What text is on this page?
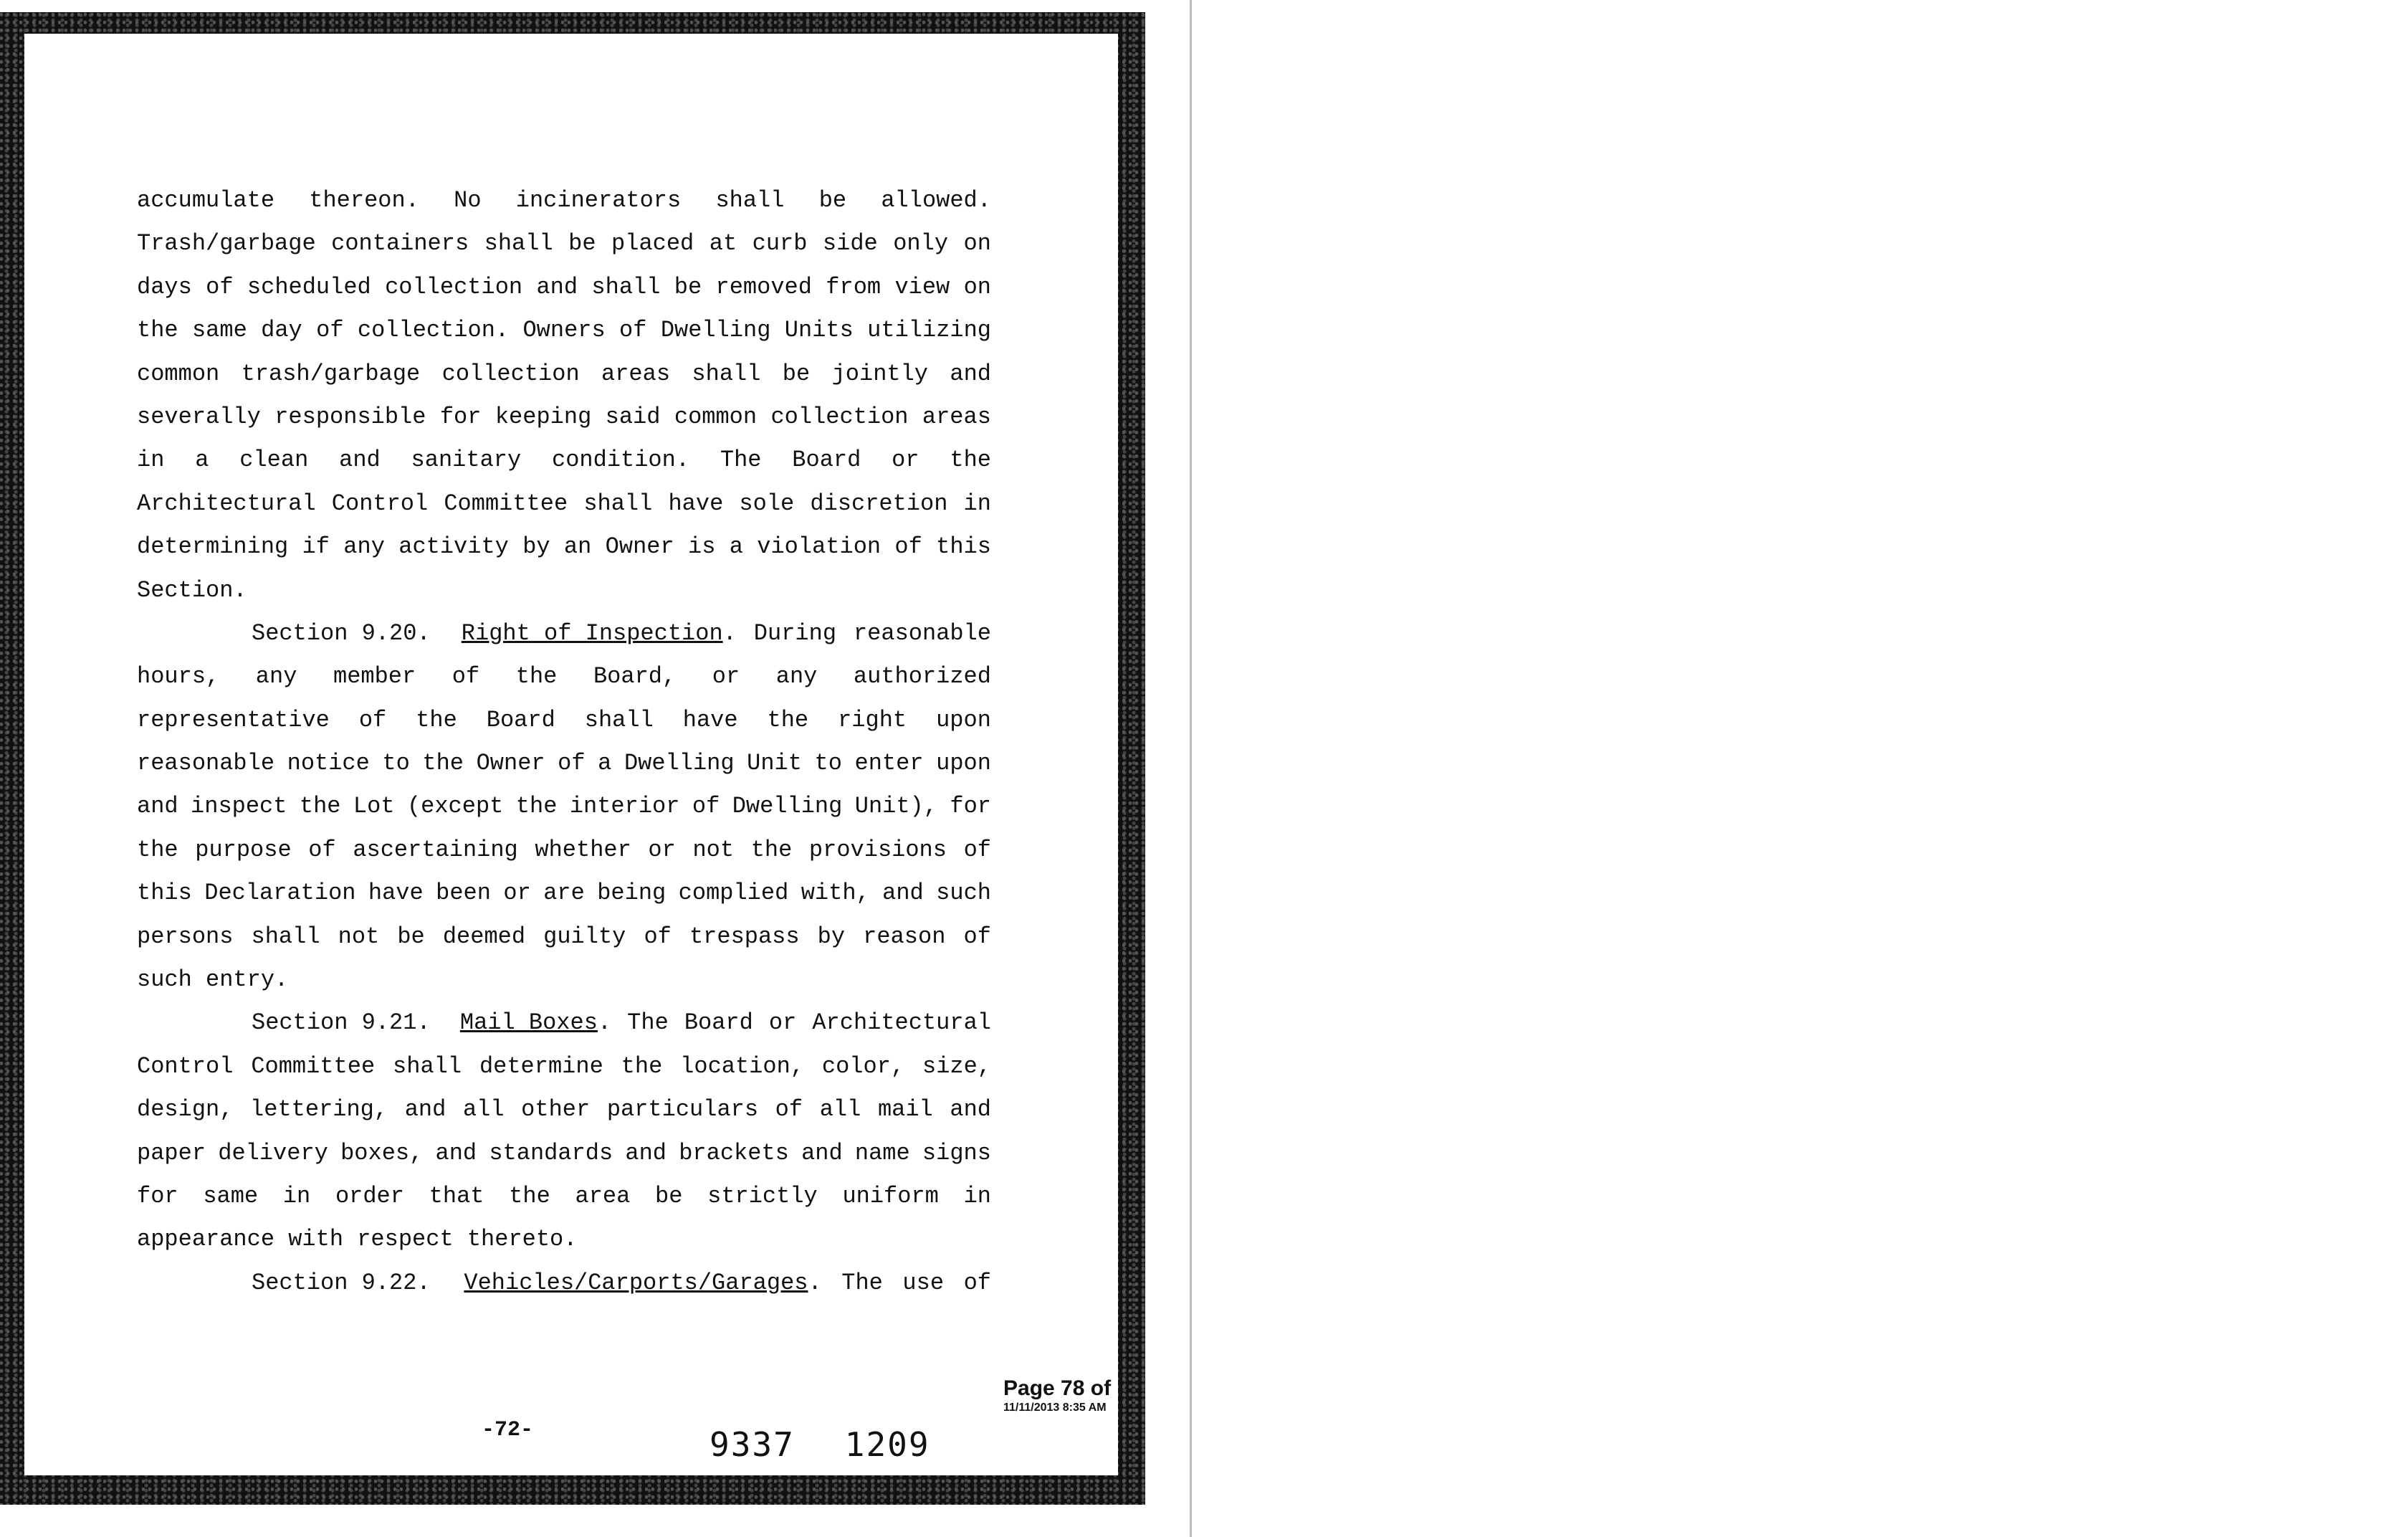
accumulate thereon. No incinerators shall be allowed.
Trash/garbage containers shall be placed at curb side only on
days of scheduled collection and shall be removed from view on
the same day of collection. Owners of Dwelling Units utilizing
common trash/garbage collection areas shall be jointly and
severally responsible for keeping said common collection areas
in a clean and sanitary condition. The Board or the
Architectural Control Committee shall have sole discretion in
determining if any activity by an Owner is a violation of this
Section.
Section 9.20. Right of Inspection. During reasonable
hours, any member of the Board, or any authorized
representative of the Board shall have the right upon
reasonable notice to the Owner of a Dwelling Unit to enter upon
and inspect the Lot (except the interior of Dwelling Unit), for
the purpose of ascertaining whether or not the provisions of
this Declaration have been or are being complied with, and such
persons shall not be deemed guilty of trespass by reason of
such entry.
Section 9.21. Mail Boxes. The Board or Architectural
Control Committee shall determine the location, color, size,
design, lettering, and all other particulars of all mail and
paper delivery boxes, and standards and brackets and name signs
for same in order that the area be strictly uniform in
appearance with respect thereto.
Section 9.22. Vehicles/Carports/Garages. The use of
Page 78 of
11/11/2013 8:35 AM
-72-	9337 1209
